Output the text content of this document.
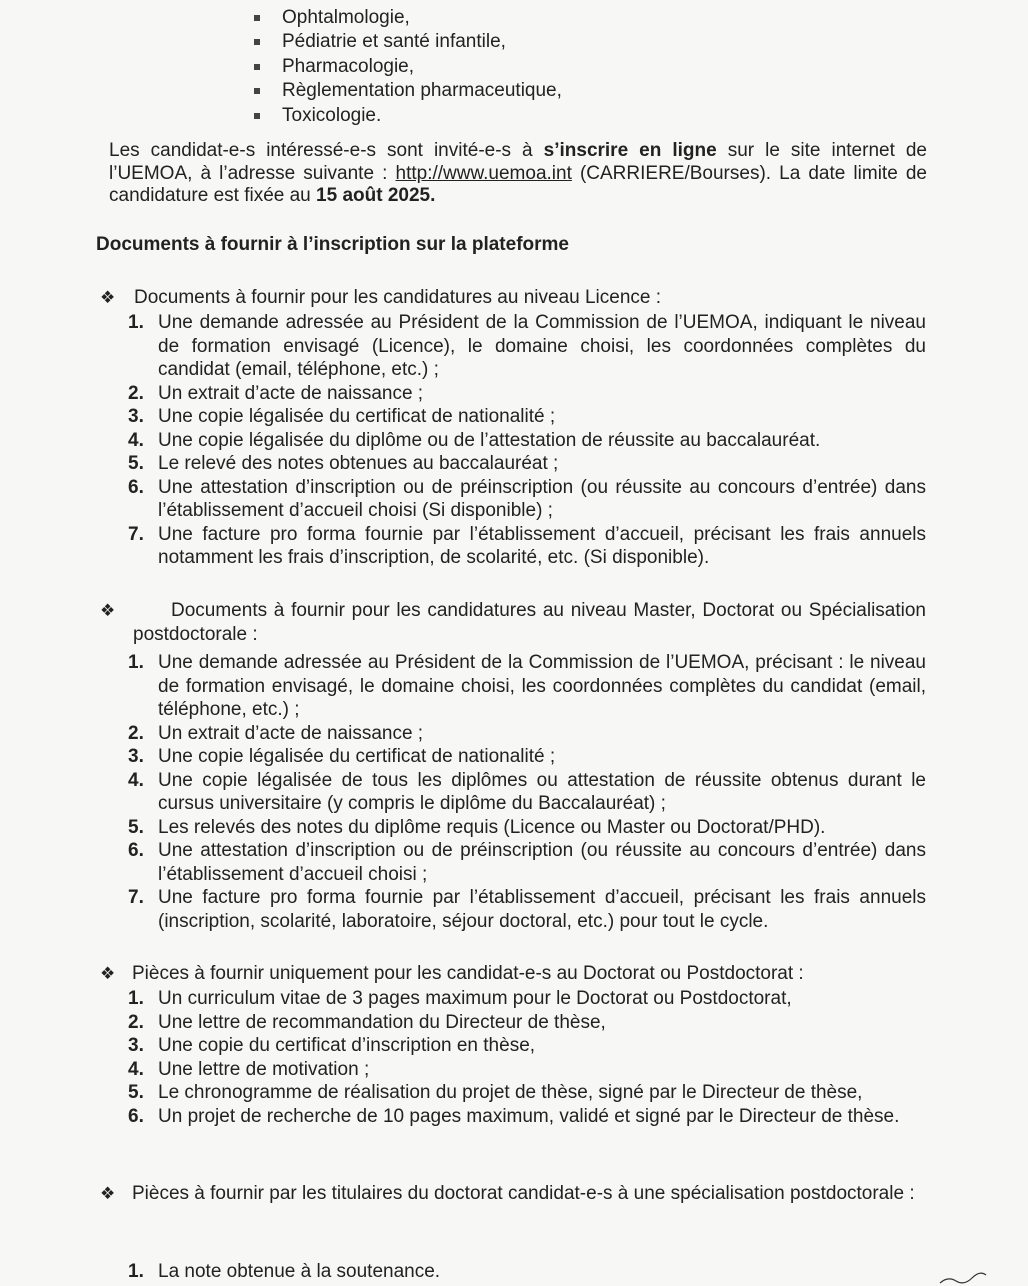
Ophtalmologie,
Pédiatrie et santé infantile,
Pharmacologie,
Règlementation pharmaceutique,
Toxicologie.

Les candidat-e-s intéressé-e-s sont invité-e-s à s’inscrire en ligne sur le site internet de l’UEMOA, à l’adresse suivante : http://www.uemoa.int (CARRIERE/Bourses). La date limite de candidature est fixée au 15 août 2025.

Documents à fournir à l’inscription sur la plateforme
❖ Documents à fournir pour les candidatures au niveau Licence :
1. Une demande adressée au Président de la Commission de l’UEMOA, indiquant le niveau de formation envisagé (Licence), le domaine choisi, les coordonnées complètes du candidat (email, téléphone, etc.) ;
2. Un extrait d’acte de naissance ;
3. Une copie légalisée du certificat de nationalité ;
4. Une copie légalisée du diplôme ou de l’attestation de réussite au baccalauréat.
5. Le relevé des notes obtenues au baccalauréat ;
6. Une attestation d’inscription ou de préinscription (ou réussite au concours d’entrée) dans l’établissement d’accueil choisi (Si disponible) ;
7. Une facture pro forma fournie par l’établissement d’accueil, précisant les frais annuels notamment les frais d’inscription, de scolarité, etc. (Si disponible).
❖	Documents à fournir pour les candidatures au niveau Master, Doctorat ou Spécialisation postdoctorale :
1. Une demande adressée au Président de la Commission de l’UEMOA, précisant : le niveau de formation envisagé, le domaine choisi, les coordonnées complètes du candidat (email, téléphone, etc.) ;
2. Un extrait d’acte de naissance ;
3. Une copie légalisée du certificat de nationalité ;
4. Une copie légalisée de tous les diplômes ou attestation de réussite obtenus durant le cursus universitaire (y compris le diplôme du Baccalauréat) ;
5. Les relevés des notes du diplôme requis (Licence ou Master ou Doctorat/PHD).
6. Une attestation d’inscription ou de préinscription (ou réussite au concours d’entrée) dans l’établissement d’accueil choisi ;
7. Une facture pro forma fournie par l’établissement d’accueil, précisant les frais annuels (inscription, scolarité, laboratoire, séjour doctoral, etc.) pour tout le cycle.
❖ Pièces à fournir uniquement pour les candidat-e-s au Doctorat ou Postdoctorat :
1. Un curriculum vitae de 3 pages maximum pour le Doctorat ou Postdoctorat,
2. Une lettre de recommandation du Directeur de thèse,
3. Une copie du certificat d’inscription en thèse,
4. Une lettre de motivation ;
5. Le chronogramme de réalisation du projet de thèse, signé par le Directeur de thèse,
6. Un projet de recherche de 10 pages maximum, validé et signé par le Directeur de thèse.
❖ Pièces à fournir par les titulaires du doctorat candidat-e-s à une spécialisation postdoctorale :
1. La note obtenue à la soutenance.
